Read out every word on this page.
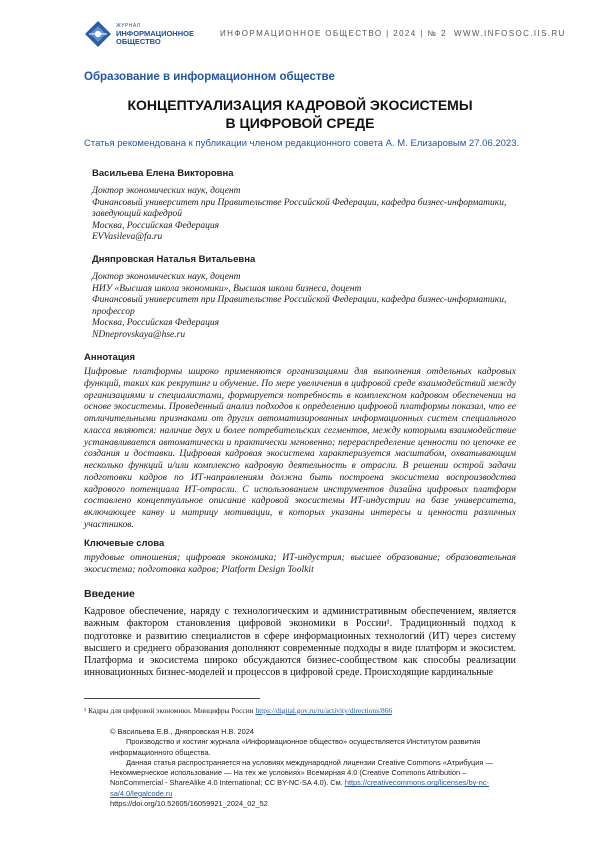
ЖУРНАЛ
ИНФОРМАЦИОННОЕ
ОБЩЕСТВО
ИНФОРМАЦИОННОЕ ОБЩЕСТВО | 2024 | № 2 WWW.INFOSOC.IIS.RU
Образование в информационном обществе
КОНЦЕПТУАЛИЗАЦИЯ КАДРОВОЙ ЭКОСИСТЕМЫ
В ЦИФРОВОЙ СРЕДЕ
Статья рекомендована к публикации членом редакционного совета А. М. Елизаровым 27.06.2023.
Васильева Елена Викторовна
Доктор экономических наук, доцент
Финансовый университет при Правительстве Российской Федерации, кафедра бизнес-информатики,
заведующий кафедрой
Москва, Российская Федерация
EVVasileva@fa.ru
Дняпровская Наталья Витальевна
Доктор экономических наук, доцент
НИУ «Высшая школа экономики», Высшая школа бизнеса, доцент
Финансовый университет при Правительстве Российской Федерации, кафедра бизнес-информатики,
профессор
Москва, Российская Федерация
NDneprovskaya@hse.ru
Аннотация
Цифровые платформы широко применяются организациями для выполнения отдельных кадровых функций, таких как рекрутинг и обучение. По мере увеличения в цифровой среде взаимодействий между организациями и специалистами, формируется потребность в комплексном кадровом обеспечении на основе экосистемы. Проведенный анализ подходов к определению цифровой платформы показал, что ее отличительными признаками от других автоматизированных информационных систем специального класса являются: наличие двух и более потребительских сегментов, между которыми взаимодействие устанавливается автоматически и практически мгновенно; перераспределение ценности по цепочке ее создания и доставки. Цифровая кадровая экосистема характеризуется масштабом, охватывающим несколько функций и/или комплексно кадровую деятельность в отрасли. В решении острой задачи подготовки кадров по ИТ-направлениям должна быть построена экосистема воспроизводства кадрового потенциала ИТ-отрасли. С использованием инструментов дизайна цифровых платформ составлено концептуальное описание кадровой экосистемы ИТ-индустрии на базе университета, включающее канву и матрицу мотивации, в которых указаны интересы и ценности различных участников.
Ключевые слова
трудовые отношения; цифровая экономика; ИТ-индустрия; высшее образование; образовательная экосистема; подготовка кадров; Platform Design Toolkit
Введение
Кадровое обеспечение, наряду с технологическим и административным обеспечением, является важным фактором становления цифровой экономики в России¹. Традиционный подход к подготовке и развитию специалистов в сфере информационных технологий (ИТ) через систему высшего и среднего образования дополняют современные подходы в виде платформ и экосистем. Платформа и экосистема широко обсуждаются бизнес-сообществом как способы реализации инновационных бизнес-моделей и процессов в цифровой среде. Происходящие кардинальные
¹ Кадры для цифровой экономики. Минцифры России https://digital.gov.ru/ru/activity/directions/866

© Васильева Е.В., Дняпровская Н.В. 2024

Производство и хостинг журнала «Информационное общество» осуществляется Институтом развития информационного общества.

Данная статья распространяется на условиях международной лицензии Creative Commons «Атрибуция — Некоммерческое использование — На тех же условиях» Всемирная 4.0 (Creative Commons Attribution – NonCommercial - ShareAlike 4.0 International; CC BY-NC-SA 4.0). См. https://creativecommons.org/licenses/by-nc-sa/4.0/legalcode.ru

https://doi.org/10.52605/16059921_2024_02_52
